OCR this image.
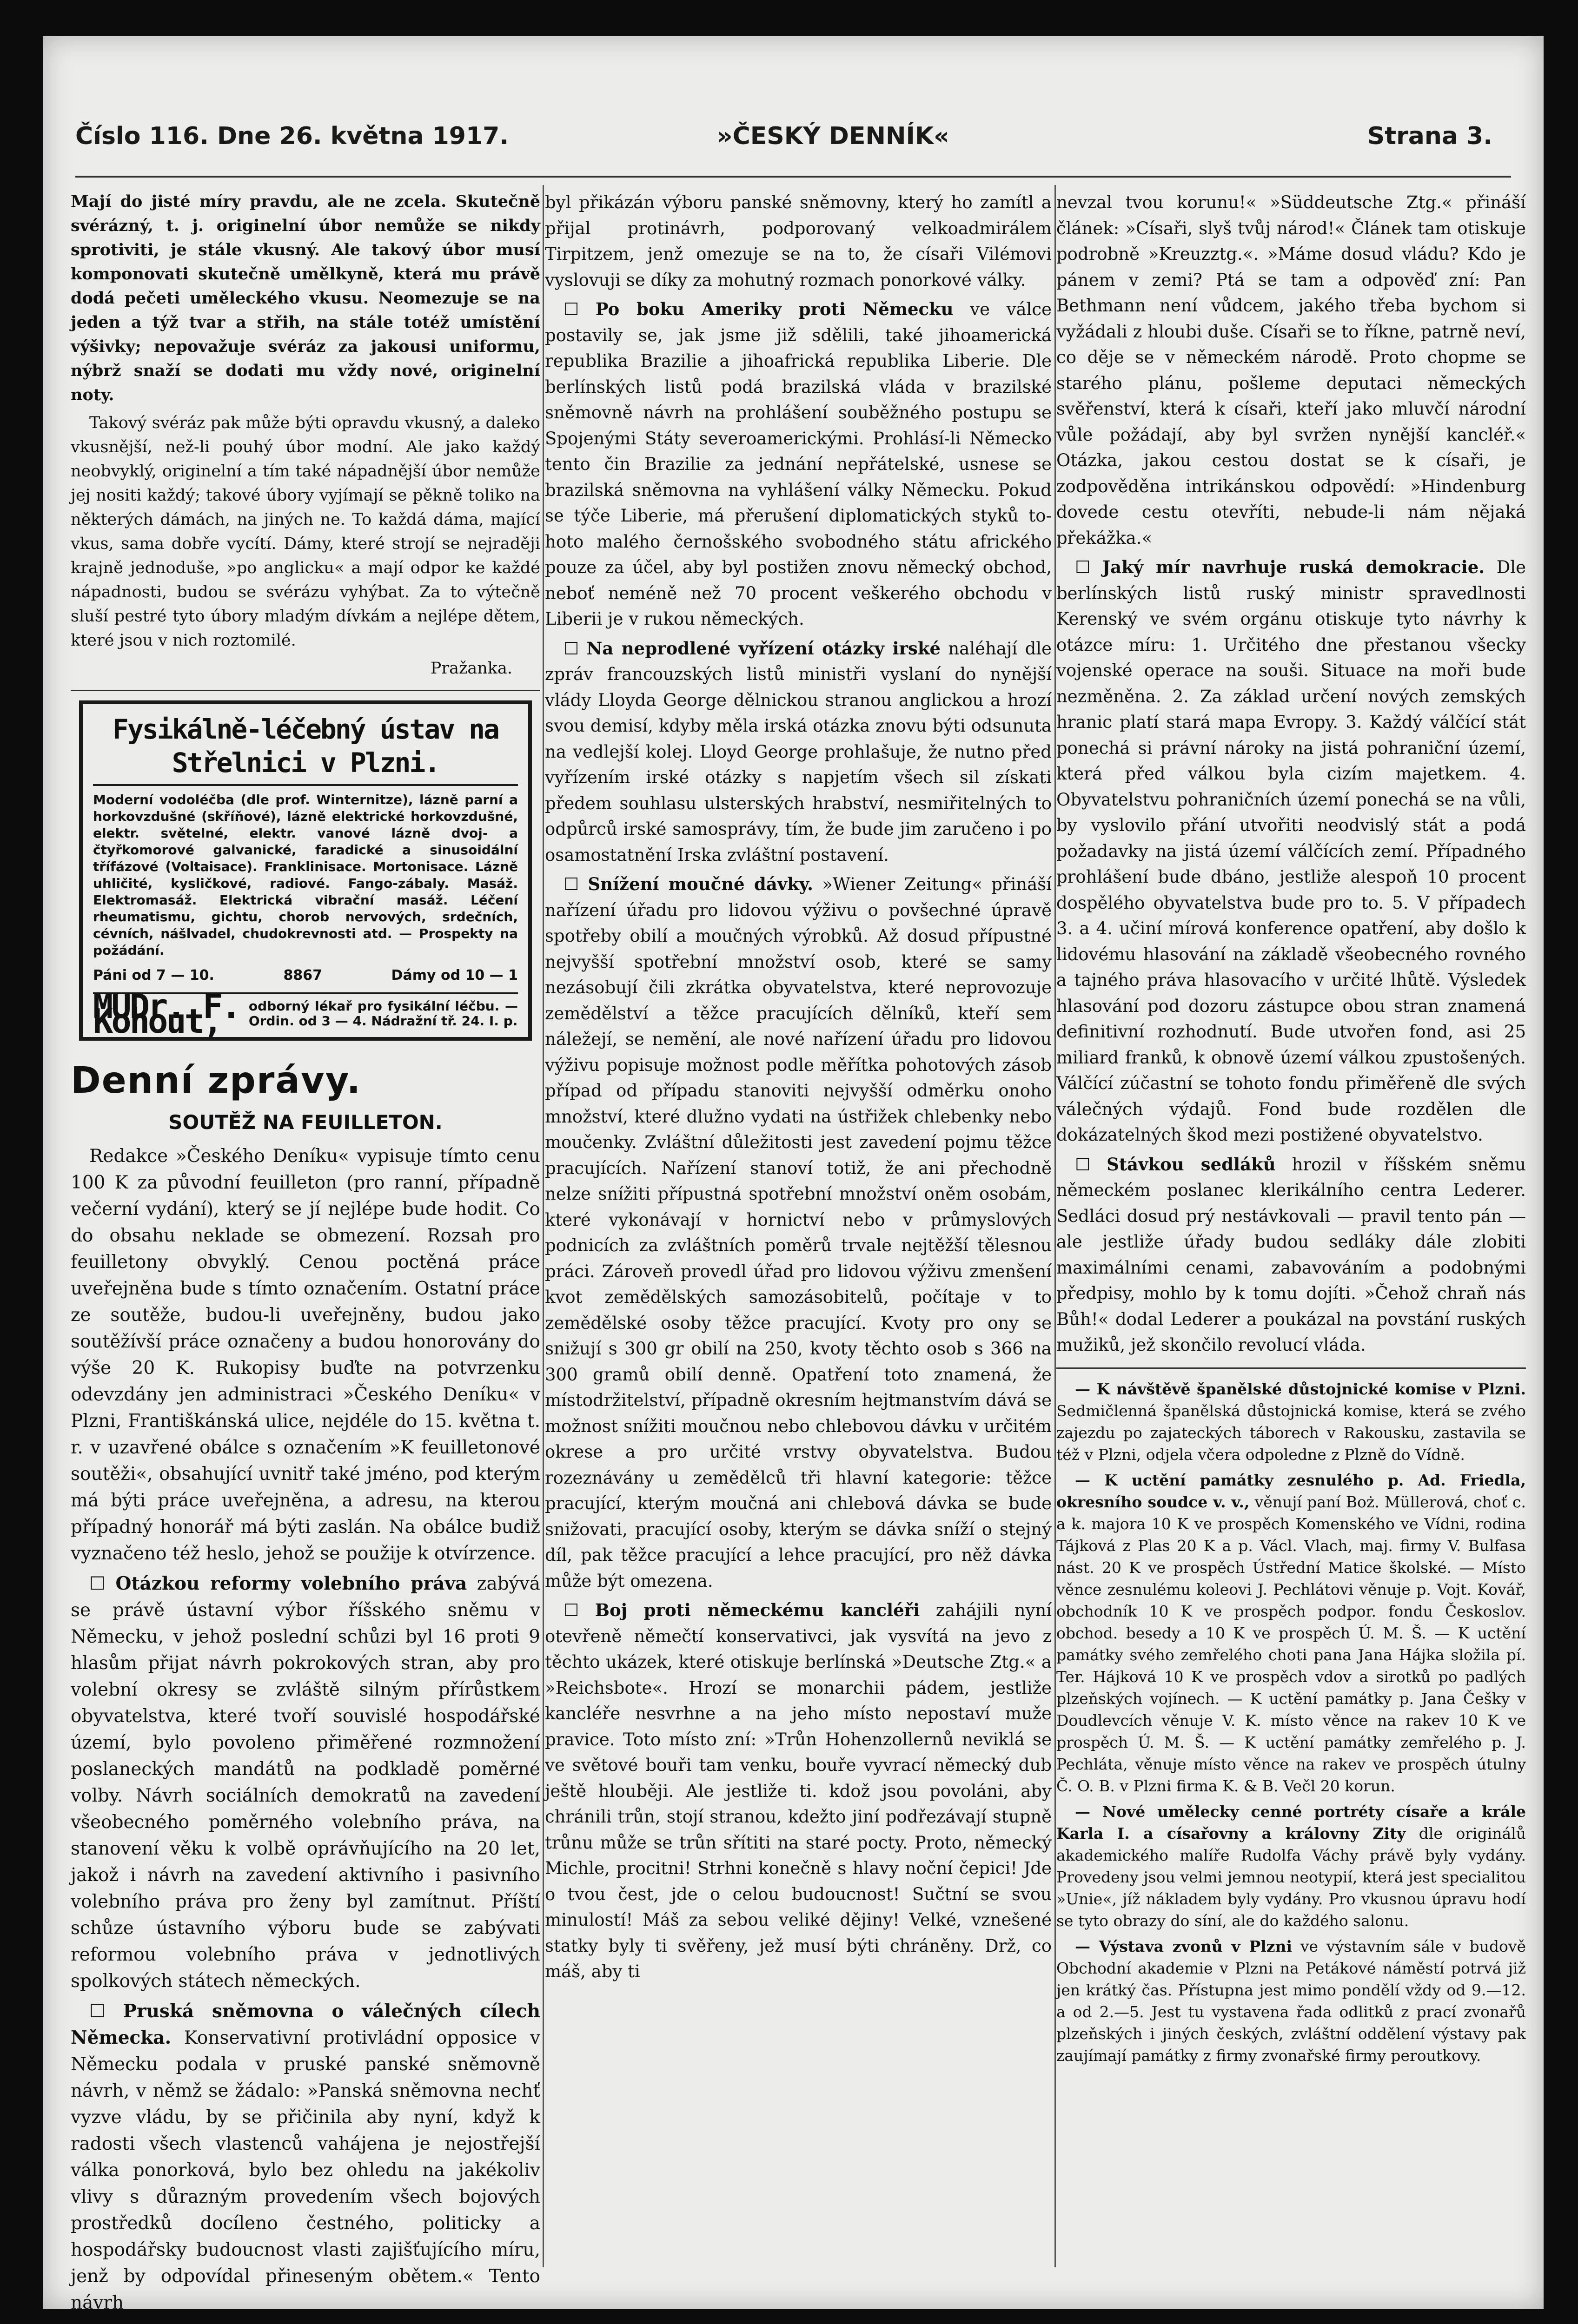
Číslo 116. Dne 26. května 1917.	»ČESKÝ DENNÍK«	Strana 3.

Mají do jisté míry pravdu, ale ne zcela. Skutečně svérázný, t. j. originelní úbor nemůže se nikdy sprotiviti, je stále vkusný. Ale takový úbor musí komponovati skutečně umělkyně, která mu právě dodá pečeti uměleckého vkusu. Neomezuje se na jeden a týž tvar a střih, na stále totéž umístění výšivky; nepovažuje svéráz za jakousi uniformu, nýbrž snaží se dodati mu vždy nové, originelní noty.

Takový svéráz pak může býti opravdu vkusný, a daleko vkusnější, než-li pouhý úbor modní. Ale jako každý neobvyklý, originelní a tím také nápadnější úbor nemůže jej nositi každý; takové úbory vyjímají se pěkně toliko na některých dámách, na jiných ne. To každá dáma, mající vkus, sama dobře vycítí. Dámy, které strojí se nejraději krajně jednoduše, »po anglicku« a mají odpor ke každé nápadnosti, budou se svérázu vyhýbat. Za to výtečně sluší pestré tyto úbory mladým dívkám a nejlépe dětem, které jsou v nich roztomilé.

Pražanka.

Fysikálně-léčebný ústav na Střelnici v Plzni.
Moderní vodoléčba (dle prof. Winternitze), lázně parní a horkovzdušné (skříňové), lázně elektrické horkovzdušné, elektr. světelné, elektr. vanové lázně dvoj- a čtyřkomorové galvanické, faradické a sinusoidální třífázové (Voltaisace). Franklinisace. Mortonisace. Lázně uhličité, kysličkové, radiové. Fango-zábaly. Masáž. Elektromasáž. Elektrická vibrační masáž. Léčení rheumatismu, gichtu, chorob nervových, srdečních, cévních, nášlvadel, chudokrevnosti atd. — Prospekty na požádání.
Páni od 7 — 10.	8867	Dámy od 10 — 1
MUDr. F. Kohout,	odborný lékař pro fysikální léčbu. — Ordin. od 3 — 4. Nádražní tř. 24. I. p.
Denní zprávy.
SOUTĚŽ NA FEUILLETON.

Redakce »Českého Deníku« vypisuje tímto cenu 100 K za původní feuilleton (pro ranní, případně večerní vydání), který se jí nejlépe bude hodit. Co do obsahu neklade se obmezení. Rozsah pro feuilletony obvyklý. Cenou poctěná práce uveřejněna bude s tímto označením. Ostatní práce ze soutěže, budou-li uveřejněny, budou jako soutěžívší práce označeny a budou honorovány do výše 20 K. Rukopisy buďte na potvrzenku odevzdány jen administraci »Českého Deníku« v Plzni, Františkánská ulice, nejdéle do 15. května t. r. v uzavřené obálce s označením »K feuilletonové soutěži«, obsahující uvnitř také jméno, pod kterým má býti práce uveřejněna, a adresu, na kterou případný honorář má býti zaslán. Na obálce budiž vyznačeno též heslo, jehož se použije k otvírzence.

☐ Otázkou reformy volebního práva zabývá se právě ústavní výbor říšského sněmu v Německu, v jehož poslední schůzi byl 16 proti 9 hlasům přijat návrh pokrokových stran, aby pro volební okresy se zvláště silným přírůstkem obyvatelstva, které tvoří souvislé hospodářské území, bylo povoleno přiměřené rozmnožení poslaneckých mandátů na podkladě poměrné volby. Návrh sociálních demokratů na zavedení všeobecného poměrného volebního práva, na stanovení věku k volbě oprávňujícího na 20 let, jakož i návrh na zavedení aktivního i pasivního volebního práva pro ženy byl zamítnut. Příští schůze ústavního výboru bude se zabývati reformou volebního práva v jednotlivých spolkových státech německých.

☐ Pruská sněmovna o válečných cílech Německa. Konservativní protivládní opposice v Německu podala v pruské panské sněmovně návrh, v němž se žádalo: »Panská sněmovna nechť vyzve vládu, by se přičinila aby nyní, když k radosti všech vlastenců vahájena je nejostřejší válka ponorková, bylo bez ohledu na jakékoliv vlivy s důrazným provedením všech bojových prostředků docíleno čestného, politicky a hospodářsky budoucnost vlasti zajišťujícího míru, jenž by odpovídal přineseným obětem.« Tento návrh

byl přikázán výboru panské sněmovny, který ho zamítl a přijal protinávrh, podporovaný velkoadmirálem Tirpitzem, jenž omezuje se na to, že císaři Vilémovi vyslovuji se díky za mohutný rozmach ponorkové války.

☐ Po boku Ameriky proti Německu ve válce postavily se, jak jsme již sdělili, také jihoamerická republika Brazilie a jihoafrická republika Liberie. Dle berlínských listů podá brazilská vláda v brazilské sněmovně návrh na prohlášení souběžného postupu se Spojenými Státy severoamerickými. Prohlásí-li Německo tento čin Brazilie za jednání nepřátelské, usnese se brazilská sněmovna na vyhlášení války Německu. Pokud se týče Liberie, má přerušení diplomatických styků to-hoto malého černošského svobodného státu afrického pouze za účel, aby byl postižen znovu německý obchod, neboť neméně než 70 procent veškerého obchodu v Liberii je v rukou německých.

☐ Na neprodlené vyřízení otázky irské naléhají dle zpráv francouzských listů ministři vyslaní do nynější vlády Lloyda George dělnickou stranou anglickou a hrozí svou demisí, kdyby měla irská otázka znovu býti odsunuta na vedlejší kolej. Lloyd George prohlašuje, že nutno před vyřízením irské otázky s napjetím všech sil získati předem souhlasu ulsterských hrabství, nesmiřitelných to odpůrců irské samosprávy, tím, že bude jim zaručeno i po osamostatnění Irska zvláštní postavení.

☐ Snížení moučné dávky. »Wiener Zeitung« přináší nařízení úřadu pro lidovou výživu o povšechné úpravě spotřeby obilí a moučných výrobků. Až dosud přípustné nejvyšší spotřební množství osob, které se samy nezásobují čili zkrátka obyvatelstva, které neprovozuje zemědělství a těžce pracujících dělníků, kteří sem náležejí, se nemění, ale nové nařízení úřadu pro lidovou výživu popisuje možnost podle měřítka pohotových zásob případ od případu stanoviti nejvyšší odměrku onoho množství, které dlužno vydati na ústřižek chlebenky nebo moučenky. Zvláštní důležitosti jest zavedení pojmu těžce pracujících. Nařízení stanoví totiž, že ani přechodně nelze snížiti přípustná spotřební množství oněm osobám, které vykonávají v hornictví nebo v průmyslových podnicích za zvláštních poměrů trvale nejtěžší tělesnou práci. Zároveň provedl úřad pro lidovou výživu zmenšení kvot zemědělských samozásobitelů, počítaje v to zemědělské osoby těžce pracující. Kvoty pro ony se snižují s 300 gr obilí na 250, kvoty těchto osob s 366 na 300 gramů obilí denně. Opatření toto znamená, že místodržitelství, případně okresním hejtmanstvím dává se možnost snížiti moučnou nebo chlebovou dávku v určitém okrese a pro určité vrstvy obyvatelstva. Budou rozeznávány u zemědělců tři hlavní kategorie: těžce pracující, kterým moučná ani chlebová dávka se bude snižovati, pracující osoby, kterým se dávka sníží o stejný díl, pak těžce pracující a lehce pracující, pro něž dávka může být omezena.

☐ Boj proti německému kancléři zahájili nyní otevřeně němečtí konservativci, jak vysvítá na jevo z těchto ukázek, které otiskuje berlínská »Deutsche Ztg.« a »Reichsbote«. Hrozí se monarchii pádem, jestliže kancléře nesvrhne a na jeho místo nepostaví muže pravice. Toto místo zní: »Trůn Hohenzollernů neviklá se ve světové bouři tam venku, bouře vyvrací německý dub ještě hlouběji. Ale jestliže ti. kdož jsou povoláni, aby chránili trůn, stojí stranou, kdežto jiní podřezávají stupně trůnu může se trůn sřítiti na staré pocty. Proto, německý Michle, procitni! Strhni konečně s hlavy noční čepici! Jde o tvou čest, jde o celou budoucnost! Sučtní se svou minulostí! Máš za sebou veliké dějiny! Velké, vznešené statky byly ti svěřeny, jež musí býti chráněny. Drž, co máš, aby ti

nevzal tvou korunu!« »Süddeutsche Ztg.« přináší článek: »Císaři, slyš tvůj národ!« Článek tam otiskuje podrobně »Kreuzztg.«. »Máme dosud vládu? Kdo je pánem v zemi? Ptá se tam a odpověď zní: Pan Bethmann není vůdcem, jakého třeba bychom si vyžádali z hloubi duše. Císaři se to říkne, patrně neví, co děje se v německém národě. Proto chopme se starého plánu, pošleme deputaci německých svěřenství, která k císaři, kteří jako mluvčí národní vůle požádají, aby byl svržen nynější kancléř.« Otázka, jakou cestou dostat se k císaři, je zodpověděna intrikánskou odpovědí: »Hindenburg dovede cestu otevříti, nebude-li nám nějaká překážka.«

☐ Jaký mír navrhuje ruská demokracie. Dle berlínských listů ruský ministr spravedlnosti Kerenský ve svém orgánu otiskuje tyto návrhy k otázce míru: 1. Určitého dne přestanou všecky vojenské operace na souši. Situace na moři bude nezměněna. 2. Za základ určení nových zemských hranic platí stará mapa Evropy. 3. Každý válčící stát ponechá si právní nároky na jistá pohraniční území, která před válkou byla cizím majetkem. 4. Obyvatelstvu pohraničních území ponechá se na vůli, by vyslovilo přání utvořiti neodvislý stát a podá požadavky na jistá území válčících zemí. Případného prohlášení bude dbáno, jestliže alespoň 10 procent dospělého obyvatelstva bude pro to. 5. V případech 3. a 4. učiní mírová konference opatření, aby došlo k lidovému hlasování na základě všeobecného rovného a tajného práva hlasovacího v určité lhůtě. Výsledek hlasování pod dozoru zástupce obou stran znamená definitivní rozhodnutí. Bude utvořen fond, asi 25 miliard franků, k obnově území válkou zpustošených. Válčící zúčastní se tohoto fondu přiměřeně dle svých válečných výdajů. Fond bude rozdělen dle dokázatelných škod mezi postižené obyvatelstvo.

☐ Stávkou sedláků hrozil v říšském sněmu německém poslanec klerikálního centra Lederer. Sedláci dosud prý nestávkovali — pravil tento pán — ale jestliže úřady budou sedláky dále zlobiti maximálními cenami, zabavováním a podobnými předpisy, mohlo by k tomu dojíti. »Čehož chraň nás Bůh!« dodal Lederer a poukázal na povstání ruských mužiků, jež skončilo revolucí vláda.

— K návštěvě španělské důstojnické komise v Plzni. Sedmičlenná španělská důstojnická komise, která se zvého zajezdu po zajateckých táborech v Rakousku, zastavila se též v Plzni, odjela včera odpoledne z Plzně do Vídně.

— K uctění památky zesnulého p. Ad. Friedla, okresního soudce v. v., věnují paní Boż. Müllerová, choť c. a k. majora 10 K ve prospěch Komenského ve Vídni, rodina Tájková z Plas 20 K a p. Václ. Vlach, maj. firmy V. Bulfasa nást. 20 K ve prospěch Ústřední Matice školské. — Místo věnce zesnulému koleovi J. Pechlátovi věnuje p. Vojt. Kovář, obchodník 10 K ve prospěch podpor. fondu Českoslov. obchod. besedy a 10 K ve prospěch Ú. M. Š. — K uctění památky svého zemřelého choti pana Jana Hájka složila pí. Ter. Hájková 10 K ve prospěch vdov a sirotků po padlých plzeňských vojínech. — K uctění památky p. Jana Češky v Doudlevcích věnuje V. K. místo věnce na rakev 10 K ve prospěch Ú. M. Š. — K uctění památky zemřelého p. J. Pechláta, věnuje místo věnce na rakev ve prospěch útulny Č. O. B. v Plzni firma K. & B. Večl 20 korun.

— Nové umělecky cenné portréty císaře a krále Karla I. a císařovny a královny Zity dle originálů akademického malíře Rudolfa Váchy právě byly vydány. Provedeny jsou velmi jemnou neotypií, která jest specialitou »Unie«, jíž nákladem byly vydány. Pro vkusnou úpravu hodí se tyto obrazy do síní, ale do každého salonu.

— Výstava zvonů v Plzni ve výstavním sále v budově Obchodní akademie v Plzni na Petákové náměstí potrvá již jen krátký čas. Přístupna jest mimo pondělí vždy od 9.—12. a od 2.—5. Jest tu vystavena řada odlitků z prací zvonařů plzeňských i jiných českých, zvláštní oddělení výstavy pak zaujímají památky z firmy zvonařské firmy peroutkovy.
